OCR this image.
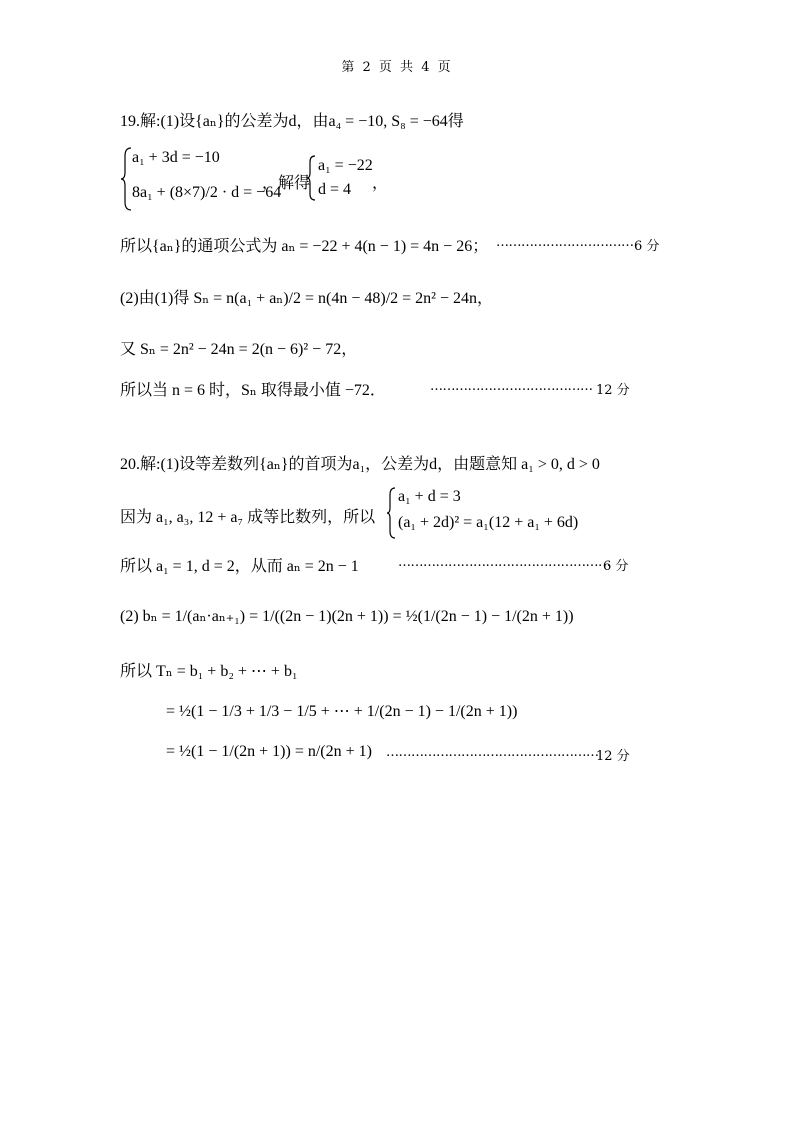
第 2 页 共 4 页
19.解:(1)设{aₙ}的公差为d，由a₄ = −10, S₈ = −64得
a₁ + 3d = −10
8a₁ + (8×7)/2 · d = −64
，解得
a₁ = −22
d = 4 ，
所以{aₙ}的通项公式为 aₙ = −22 + 4(n − 1) = 4n − 26； …………………………… 6 分
(2)由(1)得 Sₙ = n(a₁ + aₙ)/2 = n(4n − 48)/2 = 2n² − 24n，
又 Sₙ = 2n² − 24n = 2(n − 6)² − 72，
所以当 n = 6 时，Sₙ 取得最小值 −72．	………………………………… 12 分
20.解:(1)设等差数列{aₙ}的首项为a₁，公差为d，由题意知 a₁ > 0, d > 0
因为 a₁, a₃, 12 + a₇ 成等比数列，所以
a₁ + d = 3
(a₁ + 2d)² = a₁(12 + a₁ + 6d)
所以 a₁ = 1, d = 2，从而 aₙ = 2n − 1	……………………………………………
6 分
(2) bₙ = 1/(aₙ·aₙ₊₁) = 1/((2n − 1)(2n + 1)) = ½(1/(2n − 1) − 1/(2n + 1))
所以 Tₙ = b₁ + b₂ + ⋯ + b₁
= ½(1 − 1/3 + 1/3 − 1/5 + ⋯ + 1/(2n − 1) − 1/(2n + 1))
= ½(1 − 1/(2n + 1)) = n/(2n + 1) ……………………………………………
12 分
